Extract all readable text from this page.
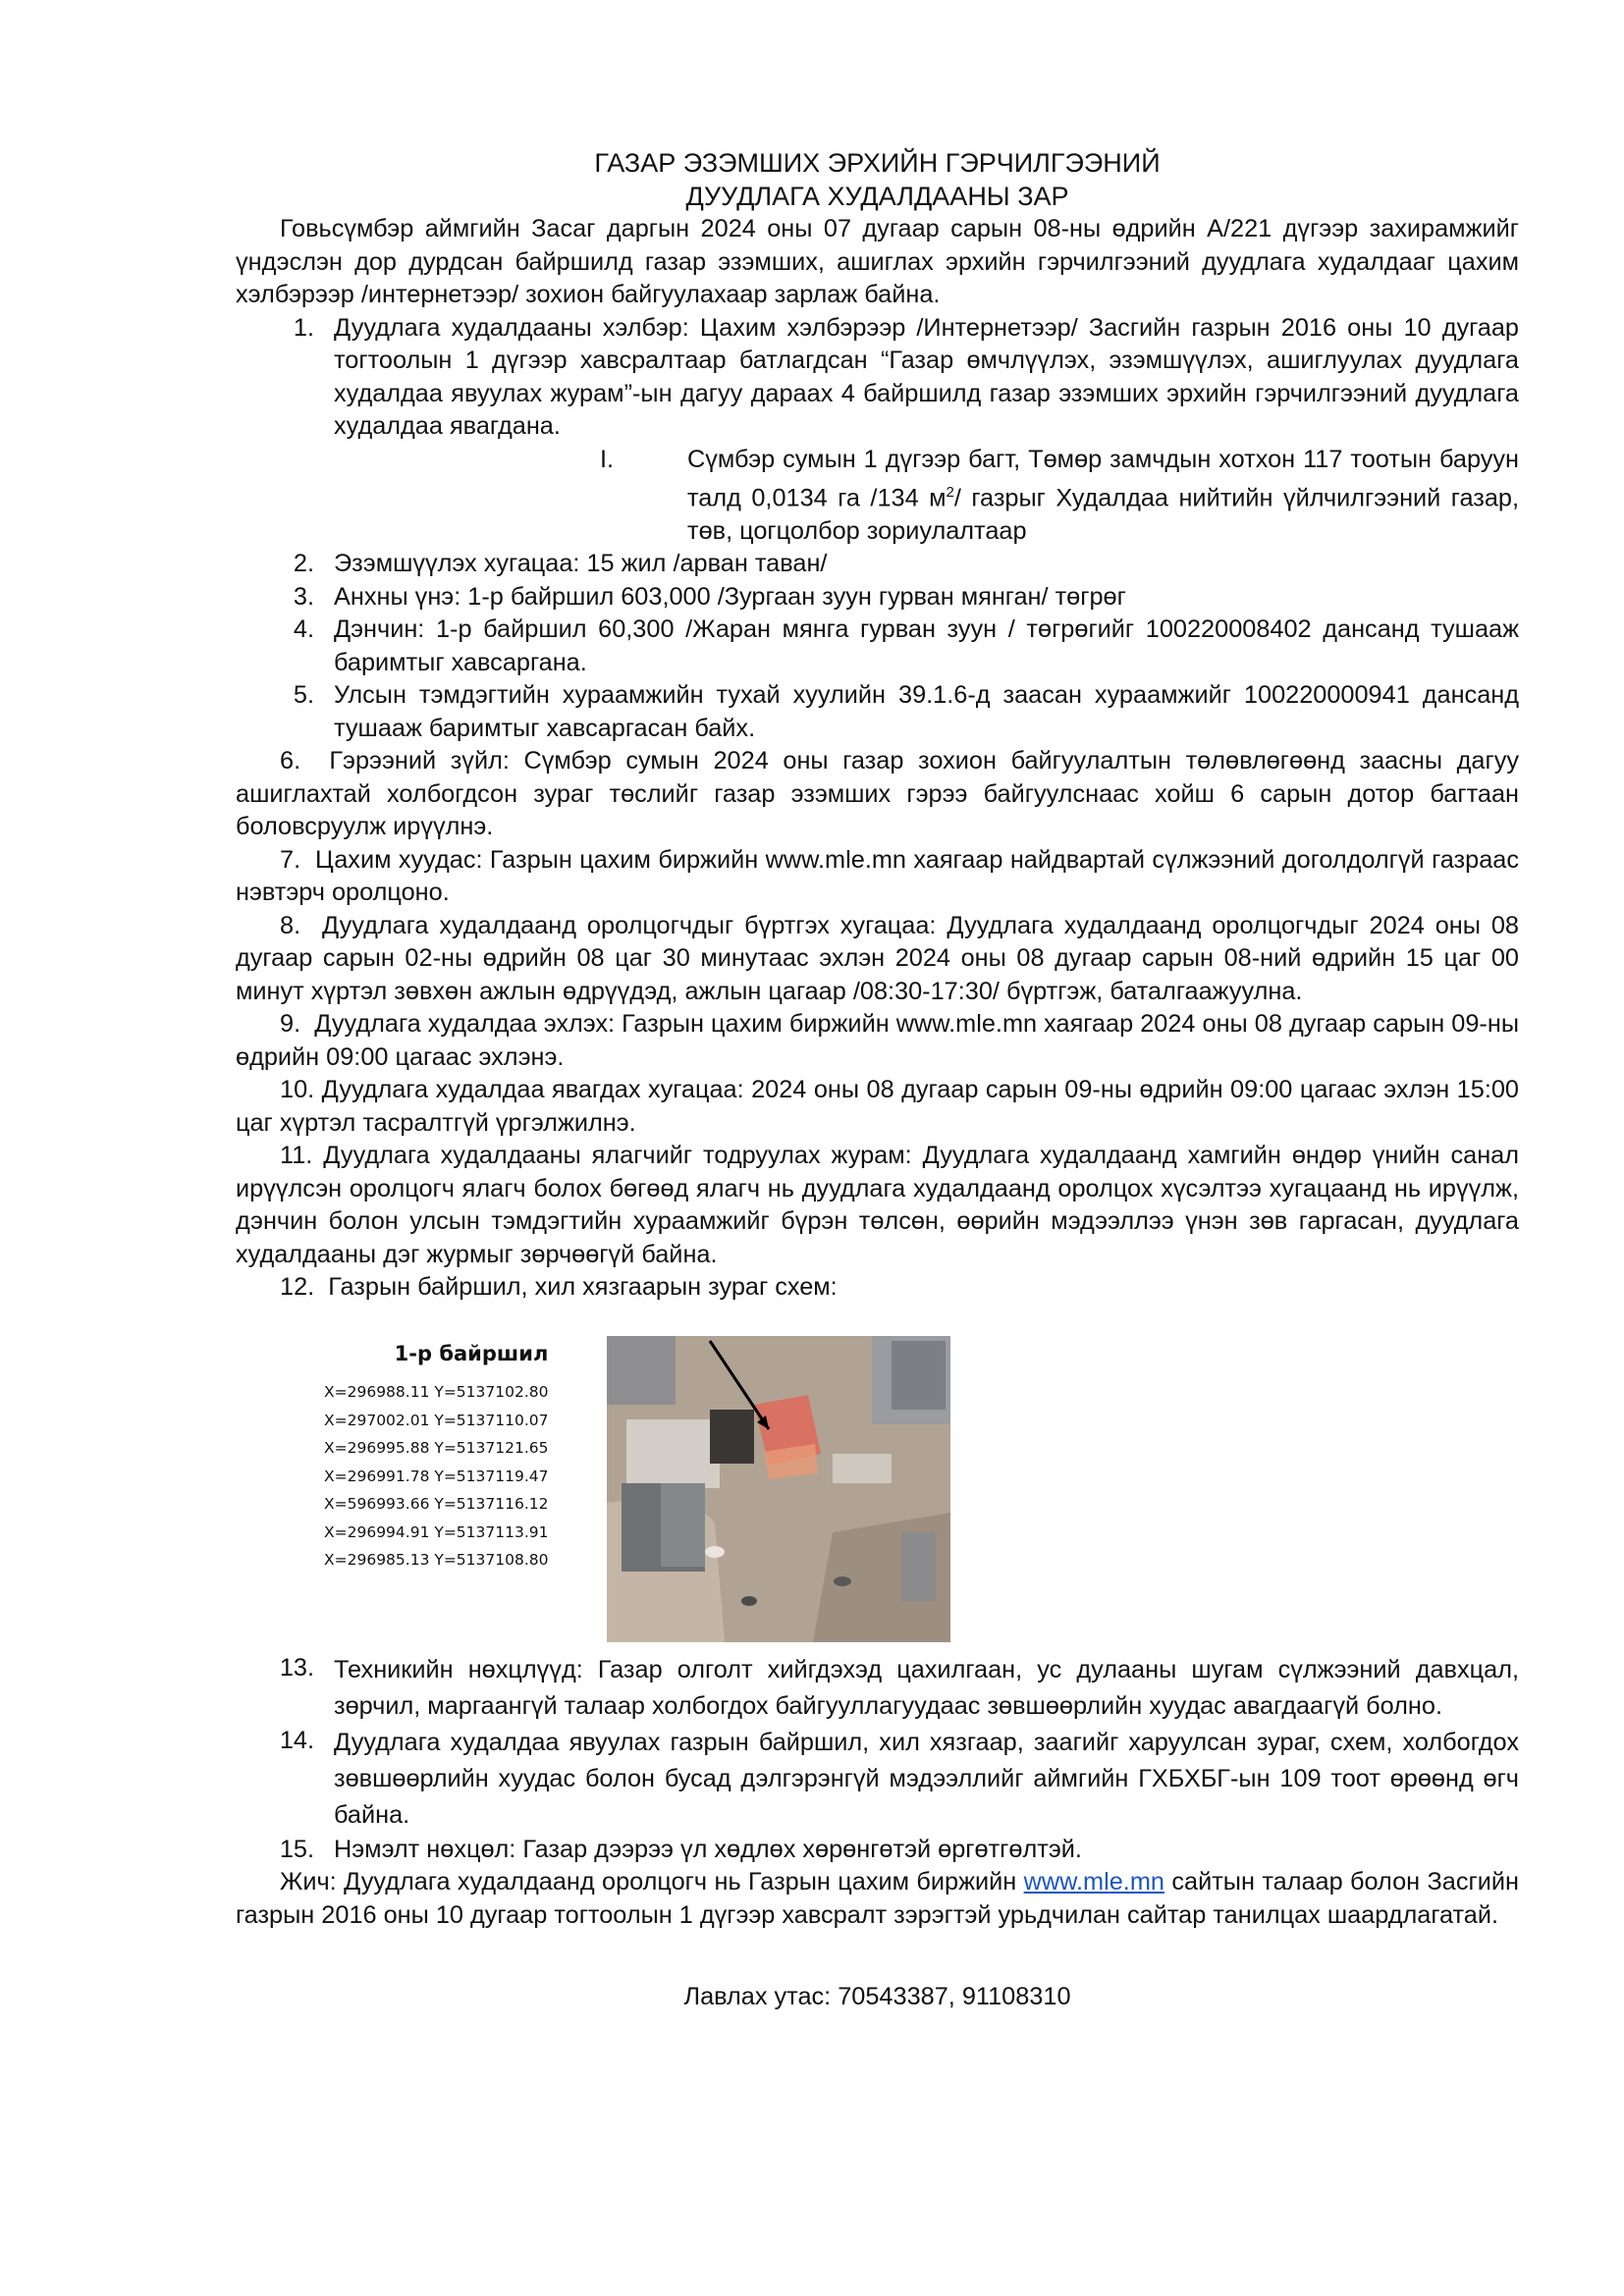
ГАЗАР ЭЗЭМШИХ ЭРХИЙН ГЭРЧИЛГЭЭНИЙ
ДУУДЛАГА ХУДАЛДААНЫ ЗАР

Говьсүмбэр аймгийн Засаг даргын 2024 оны 07 дугаар сарын 08-ны өдрийн А/221 дүгээр захирамжийг үндэслэн дор дурдсан байршилд газар эзэмших, ашиглах эрхийн гэрчилгээний дуудлага худалдааг цахим хэлбэрээр /интернетээр/ зохион байгуулахаар зарлаж байна.

1. Дуудлага худалдааны хэлбэр: Цахим хэлбэрээр /Интернетээр/ Засгийн газрын 2016 оны 10 дугаар тогтоолын 1 дүгээр хавсралтаар батлагдсан “Газар өмчлүүлэх, эзэмшүүлэх, ашиглуулах дуудлага худалдаа явуулах журам”-ын дагуу дараах 4 байршилд газар эзэмших эрхийн гэрчилгээний дуудлага худалдаа явагдана.
I.	Сүмбэр сумын 1 дүгээр багт, Төмөр замчдын хотхон 117 тоотын баруун талд 0,0134 га /134 $м^2/$ газрыг Худалдаа нийтийн үйлчилгээний газар, төв, цогцолбор зориулалтаар
2. Эзэмшүүлэх хугацаа: 15 жил /арван таван/
3. Анхны үнэ: 1-р байршил 603,000 /Зургаан зуун гурван мянган/ төгрөг
4. Дэнчин: 1-р байршил 60,300 /Жаран мянга гурван зуун / төгрөгийг 100220008402 дансанд тушааж баримтыг хавсаргана.
5. Улсын тэмдэгтийн хураамжийн тухай хуулийн 39.1.6-д заасан хураамжийг 100220000941 дансанд тушааж баримтыг хавсаргасан байх.

6. Гэрээний зүйл: Сүмбэр сумын 2024 оны газар зохион байгуулалтын төлөвлөгөөнд заасны дагуу ашиглахтай холбогдсон зураг төслийг газар эзэмших гэрээ байгуулснаас хойш 6 сарын дотор багтаан боловсруулж ирүүлнэ.

7. Цахим хуудас: Газрын цахим биржийн www.mle.mn хаягаар найдвартай сүлжээний доголдолгүй газраас нэвтэрч оролцоно.

8. Дуудлага худалдаанд оролцогчдыг бүртгэх хугацаа: Дуудлага худалдаанд оролцогчдыг 2024 оны 08 дугаар сарын 02-ны өдрийн 08 цаг 30 минутаас эхлэн 2024 оны 08 дугаар сарын 08-ний өдрийн 15 цаг 00 минут хүртэл зөвхөн ажлын өдрүүдэд, ажлын цагаар /08:30-17:30/ бүртгэж, баталгаажуулна.

9. Дуудлага худалдаа эхлэх: Газрын цахим биржийн www.mle.mn хаягаар 2024 оны 08 дугаар сарын 09-ны өдрийн 09:00 цагаас эхлэнэ.

10. Дуудлага худалдаа явагдах хугацаа: 2024 оны 08 дугаар сарын 09-ны өдрийн 09:00 цагаас эхлэн 15:00 цаг хүртэл тасралтгүй үргэлжилнэ.

11. Дуудлага худалдааны ялагчийг тодруулах журам: Дуудлага худалдаанд хамгийн өндөр үнийн санал ирүүлсэн оролцогч ялагч болох бөгөөд ялагч нь дуудлага худалдаанд оролцох хүсэлтээ хугацаанд нь ирүүлж, дэнчин болон улсын тэмдэгтийн хураамжийг бүрэн төлсөн, өөрийн мэдээллээ үнэн зөв гаргасан, дуудлага худалдааны дэг журмыг зөрчөөгүй байна.

12. Газрын байршил, хил хязгаарын зураг схем:

1-р байршил
X=296988.11 Y=5137102.80
X=297002.01 Y=5137110.07
X=296995.88 Y=5137121.65
X=296991.78 Y=5137119.47
X=596993.66 Y=5137116.12
X=296994.91 Y=5137113.91
X=296985.13 Y=5137108.80
13. Техникийн нөхцлүүд: Газар олголт хийгдэхэд цахилгаан, ус дулааны шугам сүлжээний давхцал, зөрчил, маргаангүй талаар холбогдох байгууллагуудаас зөвшөөрлийн хуудас авагдаагүй болно.
14. Дуудлага худалдаа явуулах газрын байршил, хил хязгаар, заагийг харуулсан зураг, схем, холбогдох зөвшөөрлийн хуудас болон бусад дэлгэрэнгүй мэдээллийг аймгийн ГХБХБГ-ын 109 тоот өрөөнд өгч байна.
15. Нэмэлт нөхцөл: Газар дээрээ үл хөдлөх хөрөнгөтэй өргөтгөлтэй.

Жич: Дуудлага худалдаанд оролцогч нь Газрын цахим биржийн www.mle.mn сайтын талаар болон Засгийн газрын 2016 оны 10 дугаар тогтоолын 1 дүгээр хавсралт зэрэгтэй урьдчилан сайтар танилцах шаардлагатай.

Лавлах утас: 70543387, 91108310
